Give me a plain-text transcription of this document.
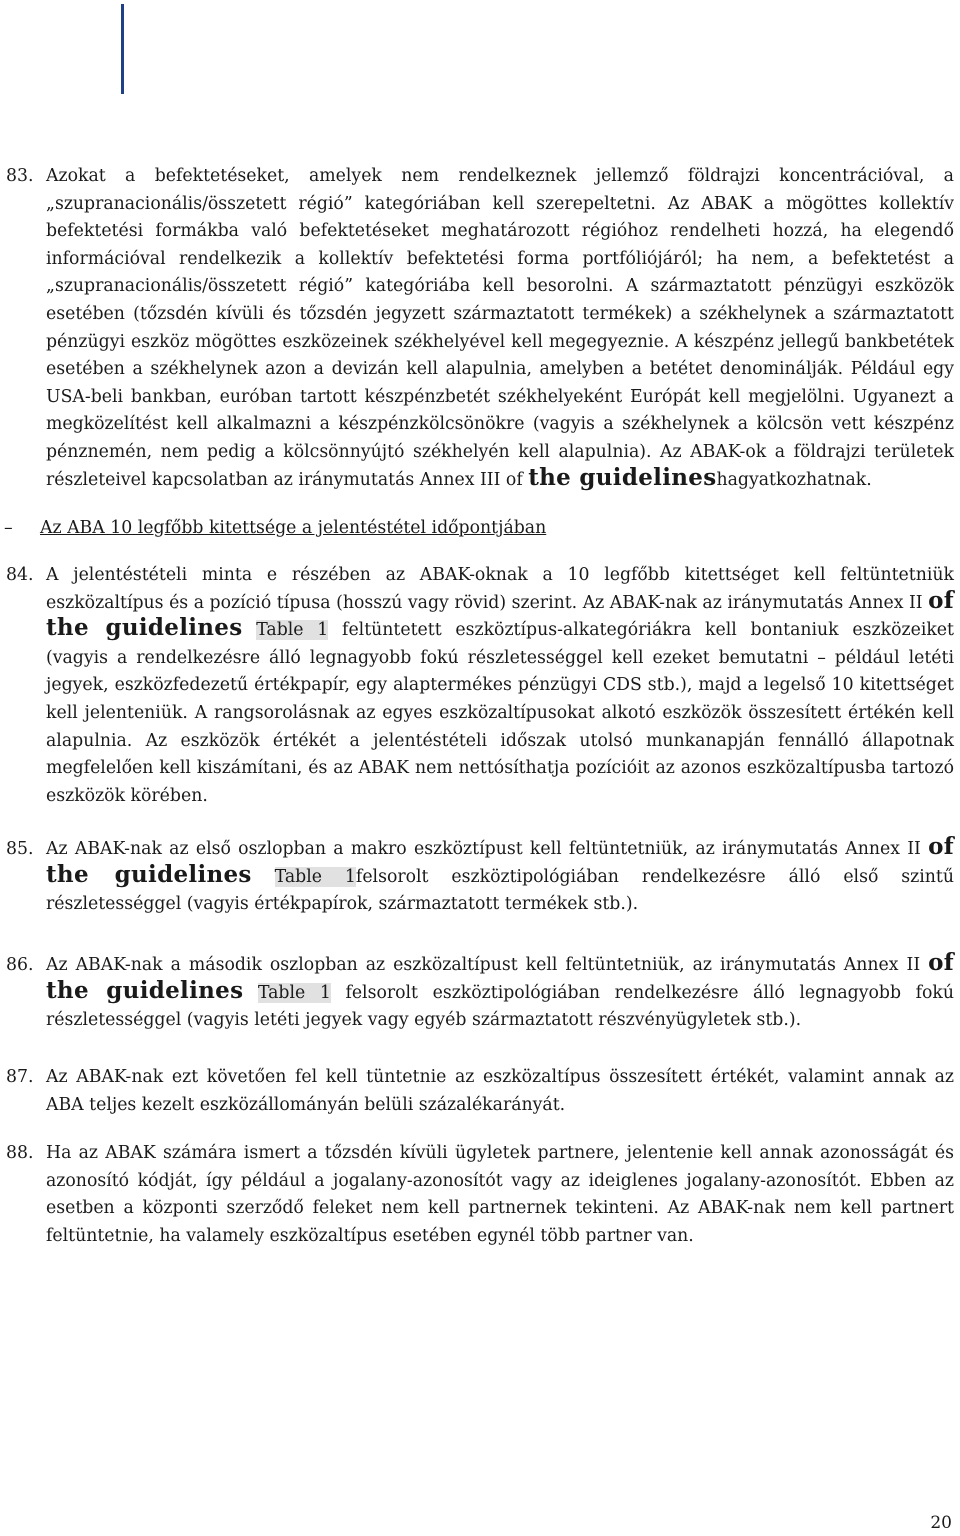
83. Azokat a befektetéseket, amelyek nem rendelkeznek jellemző földrajzi koncentrációval, a „szupranacionális/összetett régió” kategóriában kell szerepeltetni. Az ABAK a mögöttes kollektív befektetési formákba való befektetéseket meghatározott régióhoz rendelheti hozzá, ha elegendő információval rendelkezik a kollektív befektetési forma portfóliójáról; ha nem, a befektetést a „szupranacionális/összetett régió” kategóriába kell besorolni. A származtatott pénzügyi eszközök esetében (tőzsdén kívüli és tőzsdén jegyzett származtatott termékek) a székhelynek a származtatott pénzügyi eszköz mögöttes eszközeinek székhelyével kell megegyeznie. A készpénz jellegű bankbetétek esetében a székhelynek azon a devizán kell alapulnia, amelyben a betétet denominálják. Például egy USA-beli bankban, euróban tartott készpénzbetét székhelyeként Európát kell megjelölni. Ugyanezt a megközelítést kell alkalmazni a készpénzkölcsönökre (vagyis a székhelynek a kölcsön vett készpénz pénznemén, nem pedig a kölcsönnyújtó székhelyén kell alapulnia). Az ABAK-ok a földrajzi területek részleteivel kapcsolatban az iránymutatás Annex III of the guidelineshagyatkozhatnak.
– Az ABA 10 legfőbb kitettsége a jelentéstétel időpontjában
84. A jelentéstételi minta e részében az ABAK-oknak a 10 legfőbb kitettséget kell feltüntetniük eszközaltípus és a pozíció típusa (hosszú vagy rövid) szerint. Az ABAK-nak az iránymutatás Annex II of the guidelines Table 1 feltüntetett eszköztípus-alkategóriákra kell bontaniuk eszközeiket (vagyis a rendelkezésre álló legnagyobb fokú részletességgel kell ezeket bemutatni – például letéti jegyek, eszközfedezetű értékpapír, egy alaptermékes pénzügyi CDS stb.), majd a legelső 10 kitettséget kell jelenteniük. A rangsorolásnak az egyes eszközaltípusokat alkotó eszközök összesített értékén kell alapulnia. Az eszközök értékét a jelentéstételi időszak utolsó munkanapján fennálló állapotnak megfelelően kell kiszámítani, és az ABAK nem nettósíthatja pozícióit az azonos eszközaltípusba tartozó eszközök körében.
85. Az ABAK-nak az első oszlopban a makro eszköztípust kell feltüntetniük, az iránymutatás Annex II of the guidelines Table 1felsorolt eszköztipológiában rendelkezésre álló első szintű részletességgel (vagyis értékpapírok, származtatott termékek stb.).
86. Az ABAK-nak a második oszlopban az eszközaltípust kell feltüntetniük, az iránymutatás Annex II of the guidelines Table 1 felsorolt eszköztipológiában rendelkezésre álló legnagyobb fokú részletességgel (vagyis letéti jegyek vagy egyéb származtatott részvényügyletek stb.).
87. Az ABAK-nak ezt követően fel kell tüntetnie az eszközaltípus összesített értékét, valamint annak az ABA teljes kezelt eszközállományán belüli százalékarányát.
88. Ha az ABAK számára ismert a tőzsdén kívüli ügyletek partnere, jelentenie kell annak azonosságát és azonosító kódját, így például a jogalany-azonosítót vagy az ideiglenes jogalany-azonosítót. Ebben az esetben a központi szerződő feleket nem kell partnernek tekinteni. Az ABAK-nak nem kell partnert feltüntetnie, ha valamely eszközaltípus esetében egynél több partner van.
20
